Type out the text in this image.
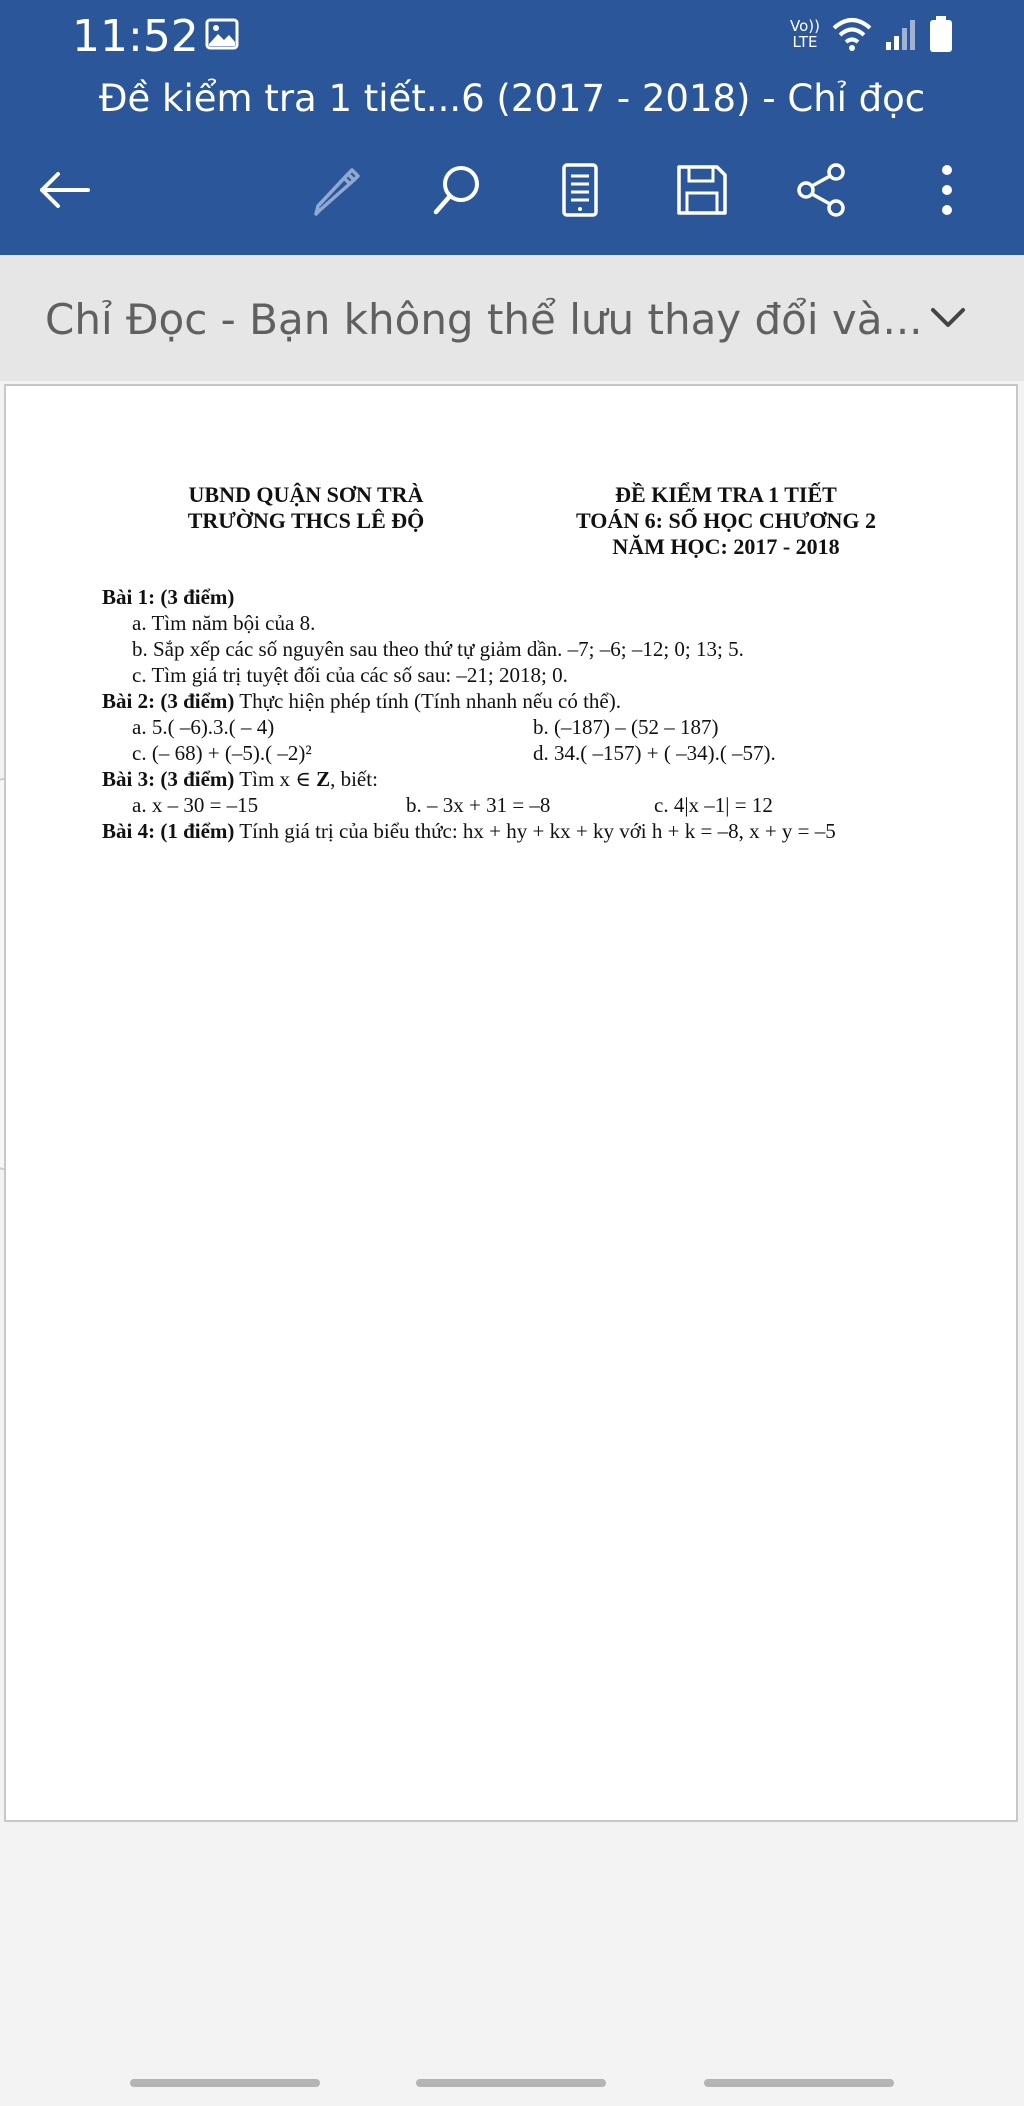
11:52	Vo))
LTE
Đề kiểm tra 1 tiết...6 (2017 - 2018) - Chỉ đọc
Chỉ Đọc - Bạn không thể lưu thay đổi và...
UBND QUẬN SƠN TRÀ
TRƯỜNG THCS LÊ ĐỘ
ĐỀ KIỂM TRA 1 TIẾT
TOÁN 6: SỐ HỌC CHƯƠNG 2
NĂM HỌC: 2017 - 2018
Bài 1: (3 điểm)
a. Tìm năm bội của 8.
b. Sắp xếp các số nguyên sau theo thứ tự giảm dần. –7; –6; –12; 0; 13; 5.
c. Tìm giá trị tuyệt đối của các số sau: –21; 2018; 0.
Bài 2: (3 điểm) Thực hiện phép tính (Tính nhanh nếu có thể).
a. 5.( –6).3.( – 4)	b. (–187) – (52 – 187)
c. (– 68) + (–5).( –2)²	d. 34.( –157) + ( –34).( –57).
Bài 3: (3 điểm) Tìm x ∈ Z, biết:
a. x – 30 = –15	b. – 3x + 31 = –8	c. 4|x –1| = 12
Bài 4: (1 điểm) Tính giá trị của biểu thức: hx + hy + kx + ky với h + k = –8, x + y = –5
